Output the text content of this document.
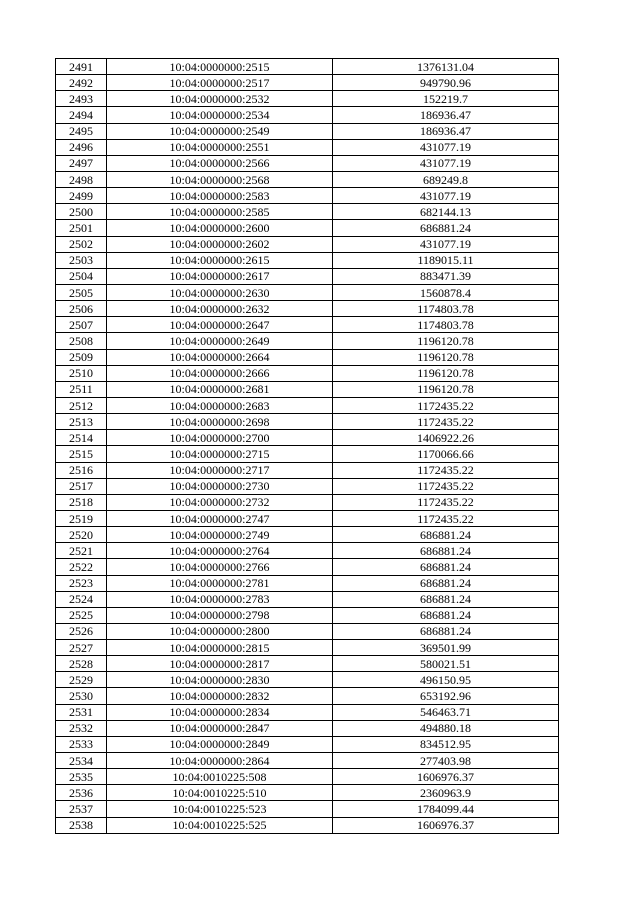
2491	10:04:0000000:2515	1376131.04
2492	10:04:0000000:2517	949790.96
2493	10:04:0000000:2532	152219.7
2494	10:04:0000000:2534	186936.47
2495	10:04:0000000:2549	186936.47
2496	10:04:0000000:2551	431077.19
2497	10:04:0000000:2566	431077.19
2498	10:04:0000000:2568	689249.8
2499	10:04:0000000:2583	431077.19
2500	10:04:0000000:2585	682144.13
2501	10:04:0000000:2600	686881.24
2502	10:04:0000000:2602	431077.19
2503	10:04:0000000:2615	1189015.11
2504	10:04:0000000:2617	883471.39
2505	10:04:0000000:2630	1560878.4
2506	10:04:0000000:2632	1174803.78
2507	10:04:0000000:2647	1174803.78
2508	10:04:0000000:2649	1196120.78
2509	10:04:0000000:2664	1196120.78
2510	10:04:0000000:2666	1196120.78
2511	10:04:0000000:2681	1196120.78
2512	10:04:0000000:2683	1172435.22
2513	10:04:0000000:2698	1172435.22
2514	10:04:0000000:2700	1406922.26
2515	10:04:0000000:2715	1170066.66
2516	10:04:0000000:2717	1172435.22
2517	10:04:0000000:2730	1172435.22
2518	10:04:0000000:2732	1172435.22
2519	10:04:0000000:2747	1172435.22
2520	10:04:0000000:2749	686881.24
2521	10:04:0000000:2764	686881.24
2522	10:04:0000000:2766	686881.24
2523	10:04:0000000:2781	686881.24
2524	10:04:0000000:2783	686881.24
2525	10:04:0000000:2798	686881.24
2526	10:04:0000000:2800	686881.24
2527	10:04:0000000:2815	369501.99
2528	10:04:0000000:2817	580021.51
2529	10:04:0000000:2830	496150.95
2530	10:04:0000000:2832	653192.96
2531	10:04:0000000:2834	546463.71
2532	10:04:0000000:2847	494880.18
2533	10:04:0000000:2849	834512.95
2534	10:04:0000000:2864	277403.98
2535	10:04:0010225:508	1606976.37
2536	10:04:0010225:510	2360963.9
2537	10:04:0010225:523	1784099.44
2538	10:04:0010225:525	1606976.37
